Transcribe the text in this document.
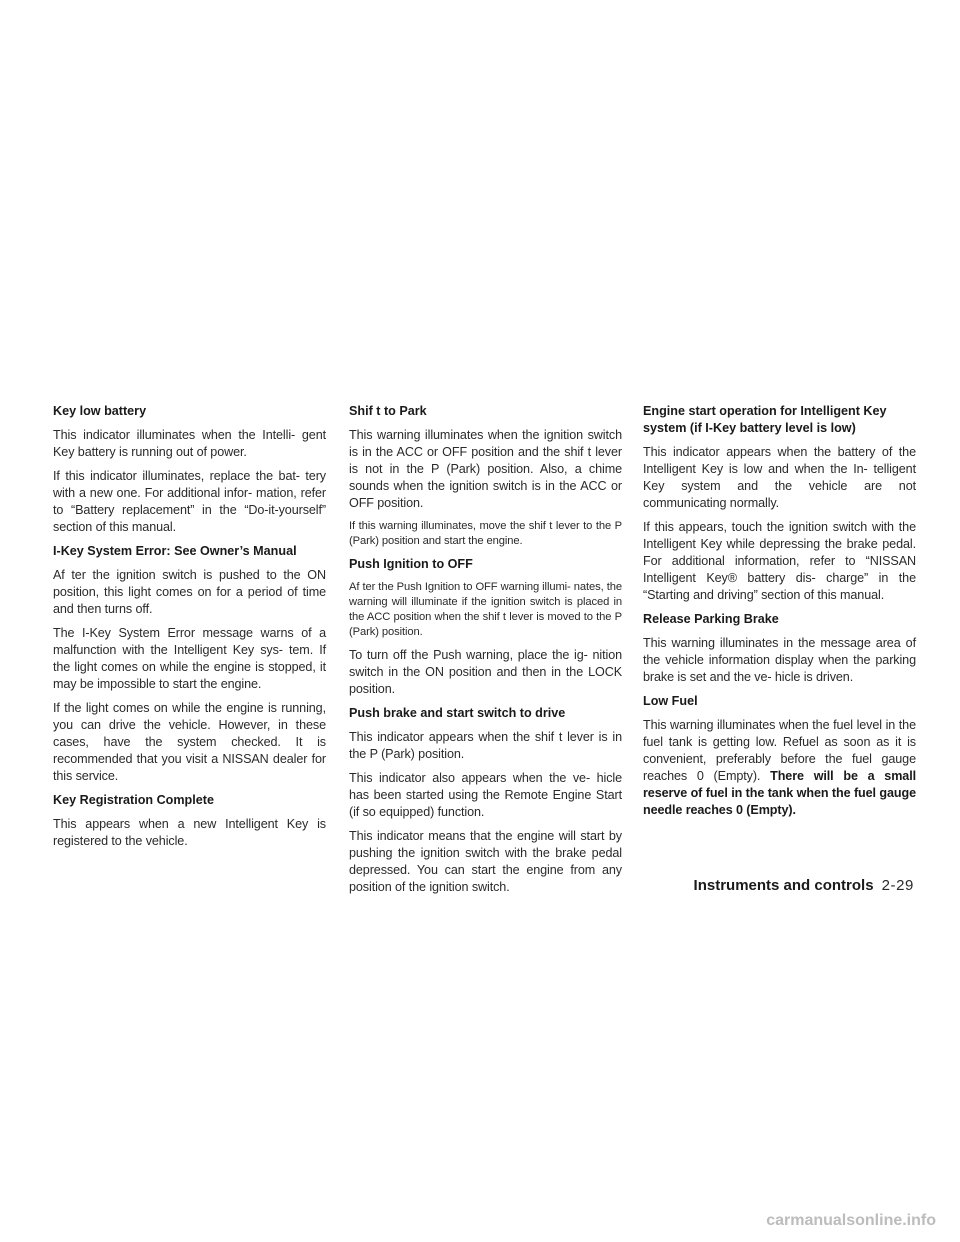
Key low battery

This indicator illuminates when the Intelli- gent Key battery is running out of power.

If this indicator illuminates, replace the bat- tery with a new one. For additional infor- mation, refer to “Battery replacement” in the “Do-it-yourself” section of this manual.

I-Key System Error: See Owner’s Manual

Af ter the ignition switch is pushed to the ON position, this light comes on for a period of time and then turns off.

The I-Key System Error message warns of a malfunction with the Intelligent Key sys- tem. If the light comes on while the engine is stopped, it may be impossible to start the engine.

If the light comes on while the engine is running, you can drive the vehicle. However, in these cases, have the system checked. It is recommended that you visit a NISSAN dealer for this service.

Key Registration Complete

This appears when a new Intelligent Key is registered to the vehicle.

Shif t to Park

This warning illuminates when the ignition switch is in the ACC or OFF position and the shif t lever is not in the P (Park) position. Also, a chime sounds when the ignition switch is in the ACC or OFF position.

If this warning illuminates, move the shif t lever to the P (Park) position and start the engine.

Push Ignition to OFF

Af ter the Push Ignition to OFF warning illumi- nates, the warning will illuminate if the ignition switch is placed in the ACC position when the shif t lever is moved to the P (Park) position.

To turn off the Push warning, place the ig- nition switch in the ON position and then in the LOCK position.

Push brake and start switch to drive

This indicator appears when the shif t lever is in the P (Park) position.

This indicator also appears when the ve- hicle has been started using the Remote Engine Start (if so equipped) function.

This indicator means that the engine will start by pushing the ignition switch with the brake pedal depressed. You can start the engine from any position of the ignition switch.

Engine start operation for Intelligent Key system (if I-Key battery level is low)

This indicator appears when the battery of the Intelligent Key is low and when the In- telligent Key system and the vehicle are not communicating normally.

If this appears, touch the ignition switch with the Intelligent Key while depressing the brake pedal. For additional information, refer to “NISSAN Intelligent Key® battery dis- charge” in the “Starting and driving” section of this manual.

Release Parking Brake

This warning illuminates in the message area of the vehicle information display when the parking brake is set and the ve- hicle is driven.

Low Fuel

This warning illuminates when the fuel level in the fuel tank is getting low. Refuel as soon as it is convenient, preferably before the fuel gauge reaches 0 (Empty). There will be a small reserve of fuel in the tank when the fuel gauge needle reaches 0 (Empty).

Instruments and controls 2-29
carmanualsonline.info
